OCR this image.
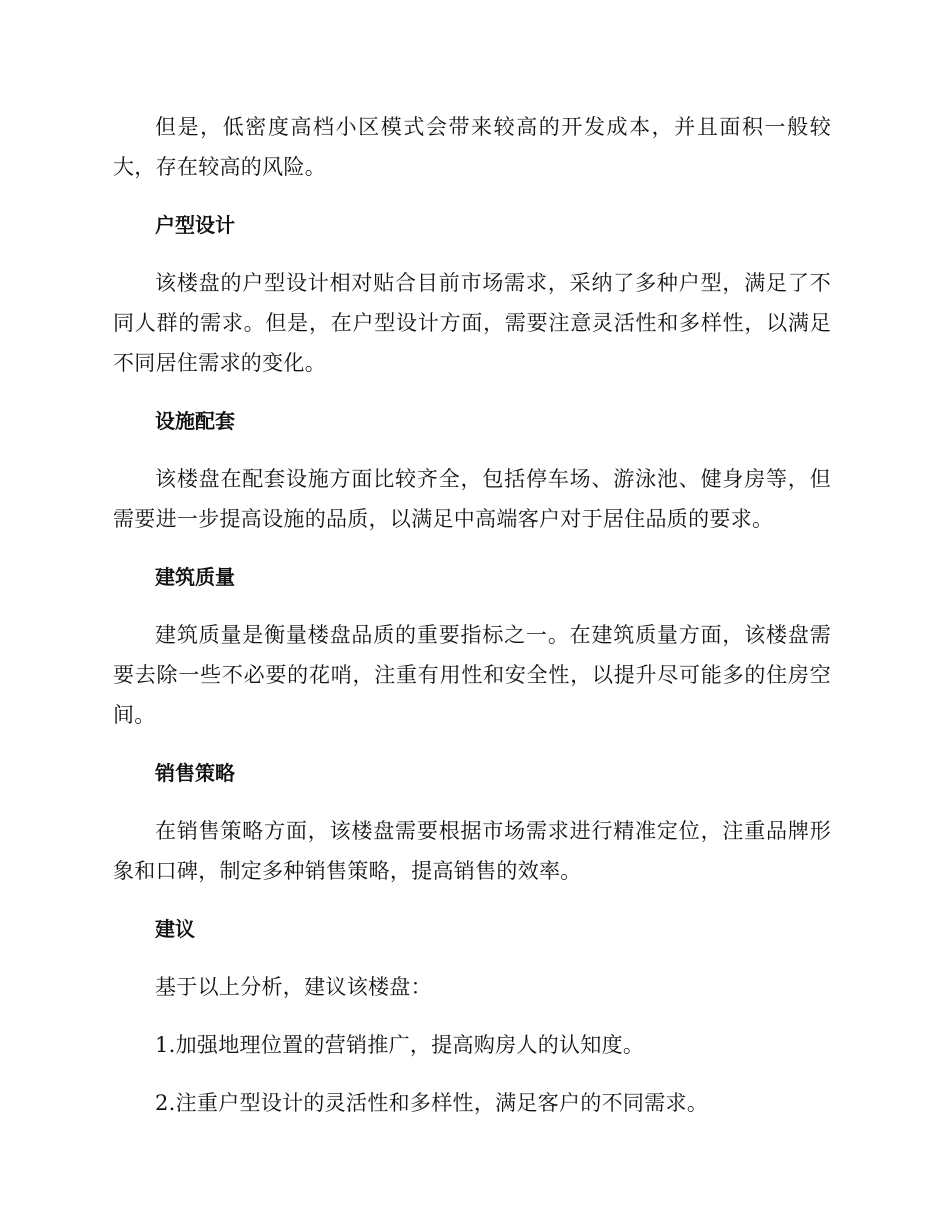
但是，低密度高档小区模式会带来较高的开发成本，并且面积一般较大，存在较高的风险。

户型设计

该楼盘的户型设计相对贴合目前市场需求，采纳了多种户型，满足了不同人群的需求。但是，在户型设计方面，需要注意灵活性和多样性，以满足不同居住需求的变化。

设施配套

该楼盘在配套设施方面比较齐全，包括停车场、游泳池、健身房等，但需要进一步提高设施的品质，以满足中高端客户对于居住品质的要求。

建筑质量

建筑质量是衡量楼盘品质的重要指标之一。在建筑质量方面，该楼盘需要去除一些不必要的花哨，注重有用性和安全性，以提升尽可能多的住房空间。

销售策略

在销售策略方面，该楼盘需要根据市场需求进行精准定位，注重品牌形象和口碑，制定多种销售策略，提高销售的效率。

建议

基于以上分析，建议该楼盘：

1.加强地理位置的营销推广，提高购房人的认知度。

2.注重户型设计的灵活性和多样性，满足客户的不同需求。
